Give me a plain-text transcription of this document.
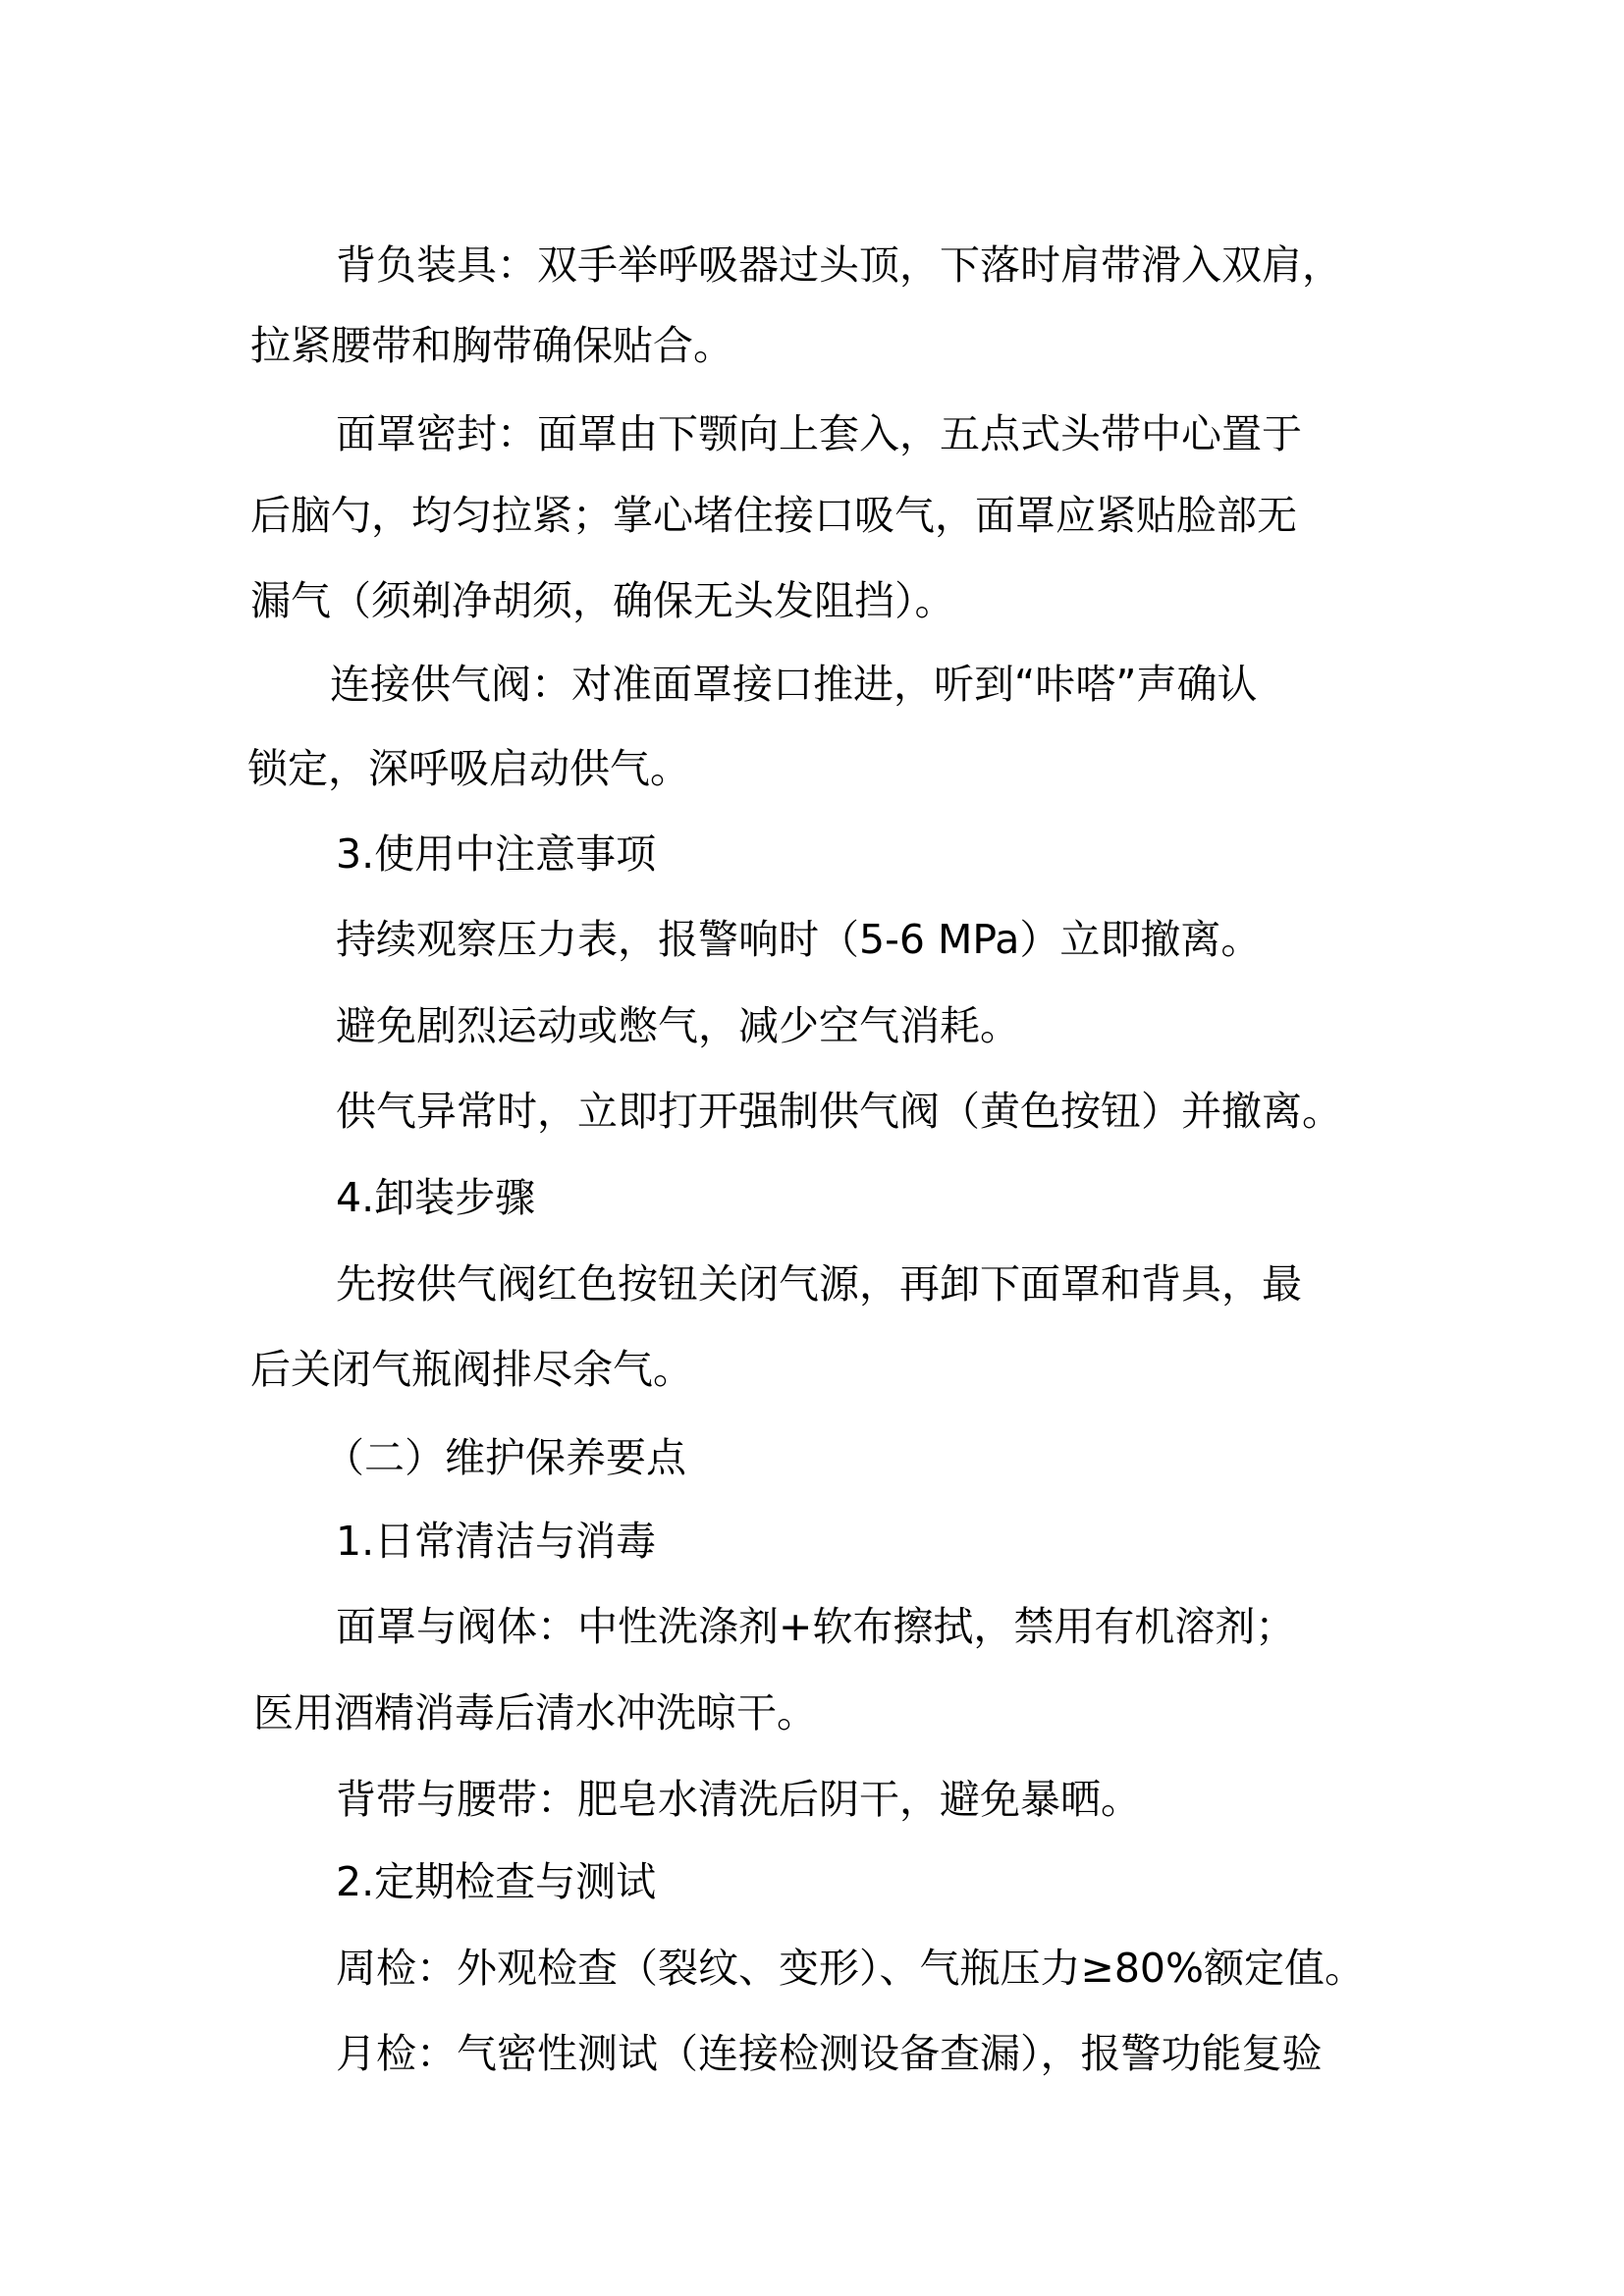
背负装具：双手举呼吸器过头顶，下落时肩带滑入双肩，
拉紧腰带和胸带确保贴合。
面罩密封：面罩由下颚向上套入，五点式头带中心置于
后脑勺，均匀拉紧；掌心堵住接口吸气，面罩应紧贴脸部无
漏气（须剃净胡须，确保无头发阻挡）。
连接供气阀：对准面罩接口推进，听到“咔嗒”声确认
锁定，深呼吸启动供气。
3.使用中注意事项
持续观察压力表，报警响时（5-6 MPa）立即撤离。
避免剧烈运动或憋气，减少空气消耗。
供气异常时，立即打开强制供气阀（黄色按钮）并撤离。
4.卸装步骤
先按供气阀红色按钮关闭气源，再卸下面罩和背具，最
后关闭气瓶阀排尽余气。
（二）维护保养要点
1.日常清洁与消毒
面罩与阀体：中性洗涤剂+软布擦拭，禁用有机溶剂；
医用酒精消毒后清水冲洗晾干。
背带与腰带：肥皂水清洗后阴干，避免暴晒。
2.定期检查与测试
周检：外观检查（裂纹、变形）、气瓶压力≥80%额定值。
月检：气密性测试（连接检测设备查漏），报警功能复验
